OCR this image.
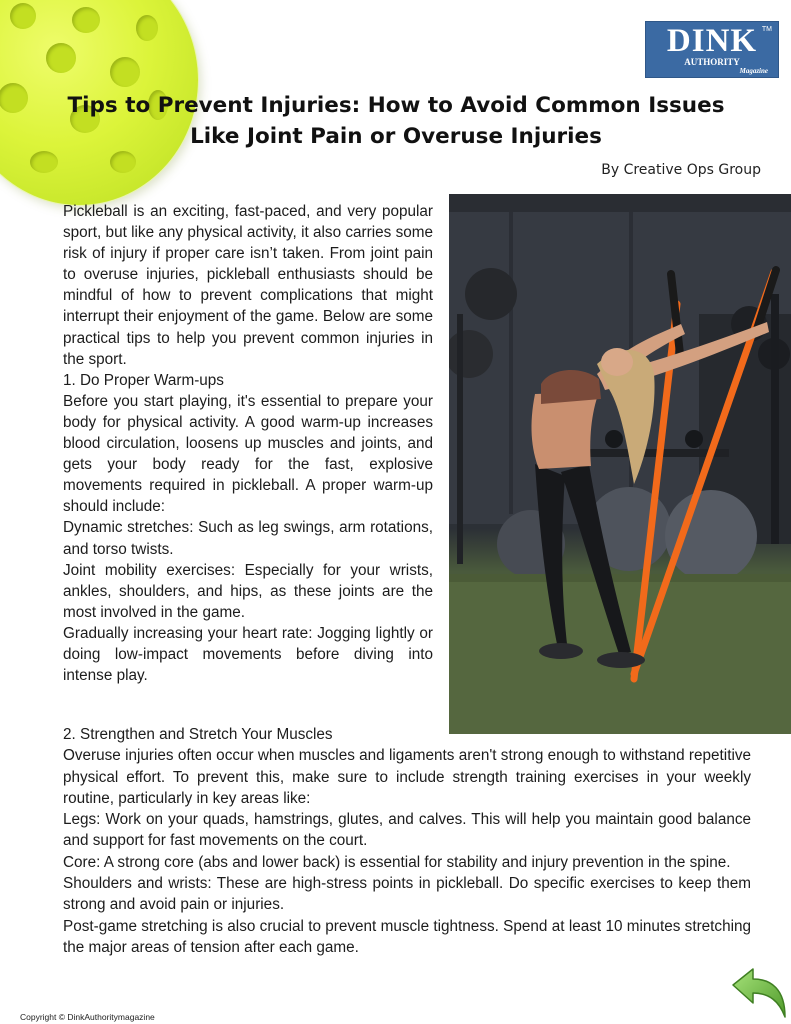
DINK TM
AUTHORITY
Magazine
Tips to Prevent Injuries: How to Avoid Common Issues
Like Joint Pain or Overuse Injuries
By Creative Ops Group

Pickleball is an exciting, fast-paced, and very popular sport, but like any physical activity, it also carries some risk of injury if proper care isn’t taken. From joint pain to overuse injuries, pickleball enthusiasts should be mindful of how to prevent complications that might interrupt their enjoyment of the game. Below are some practical tips to help you prevent common injuries in the sport.

1. Do Proper Warm-ups

Before you start playing, it's essential to prepare your body for physical activity. A good warm-up increases blood circulation, loosens up muscles and joints, and gets your body ready for the fast, explosive movements required in pickleball. A proper warm-up should include:

Dynamic stretches: Such as leg swings, arm rotations, and torso twists.

Joint mobility exercises: Especially for your wrists, ankles, shoulders, and hips, as these joints are the most involved in the game.

Gradually increasing your heart rate: Jogging lightly or doing low-impact movements before diving into intense play.

2. Strengthen and Stretch Your Muscles

Overuse injuries often occur when muscles and ligaments aren't strong enough to withstand repetitive physical effort. To prevent this, make sure to include strength training exercises in your weekly routine, particularly in key areas like:

Legs: Work on your quads, hamstrings, glutes, and calves. This will help you maintain good balance and support for fast movements on the court.

Core: A strong core (abs and lower back) is essential for stability and injury prevention in the spine.

Shoulders and wrists: These are high-stress points in pickleball. Do specific exercises to keep them strong and avoid pain or injuries.

Post-game stretching is also crucial to prevent muscle tightness. Spend at least 10 minutes stretching the major areas of tension after each game.

Copyright © DinkAuthoritymagazine
